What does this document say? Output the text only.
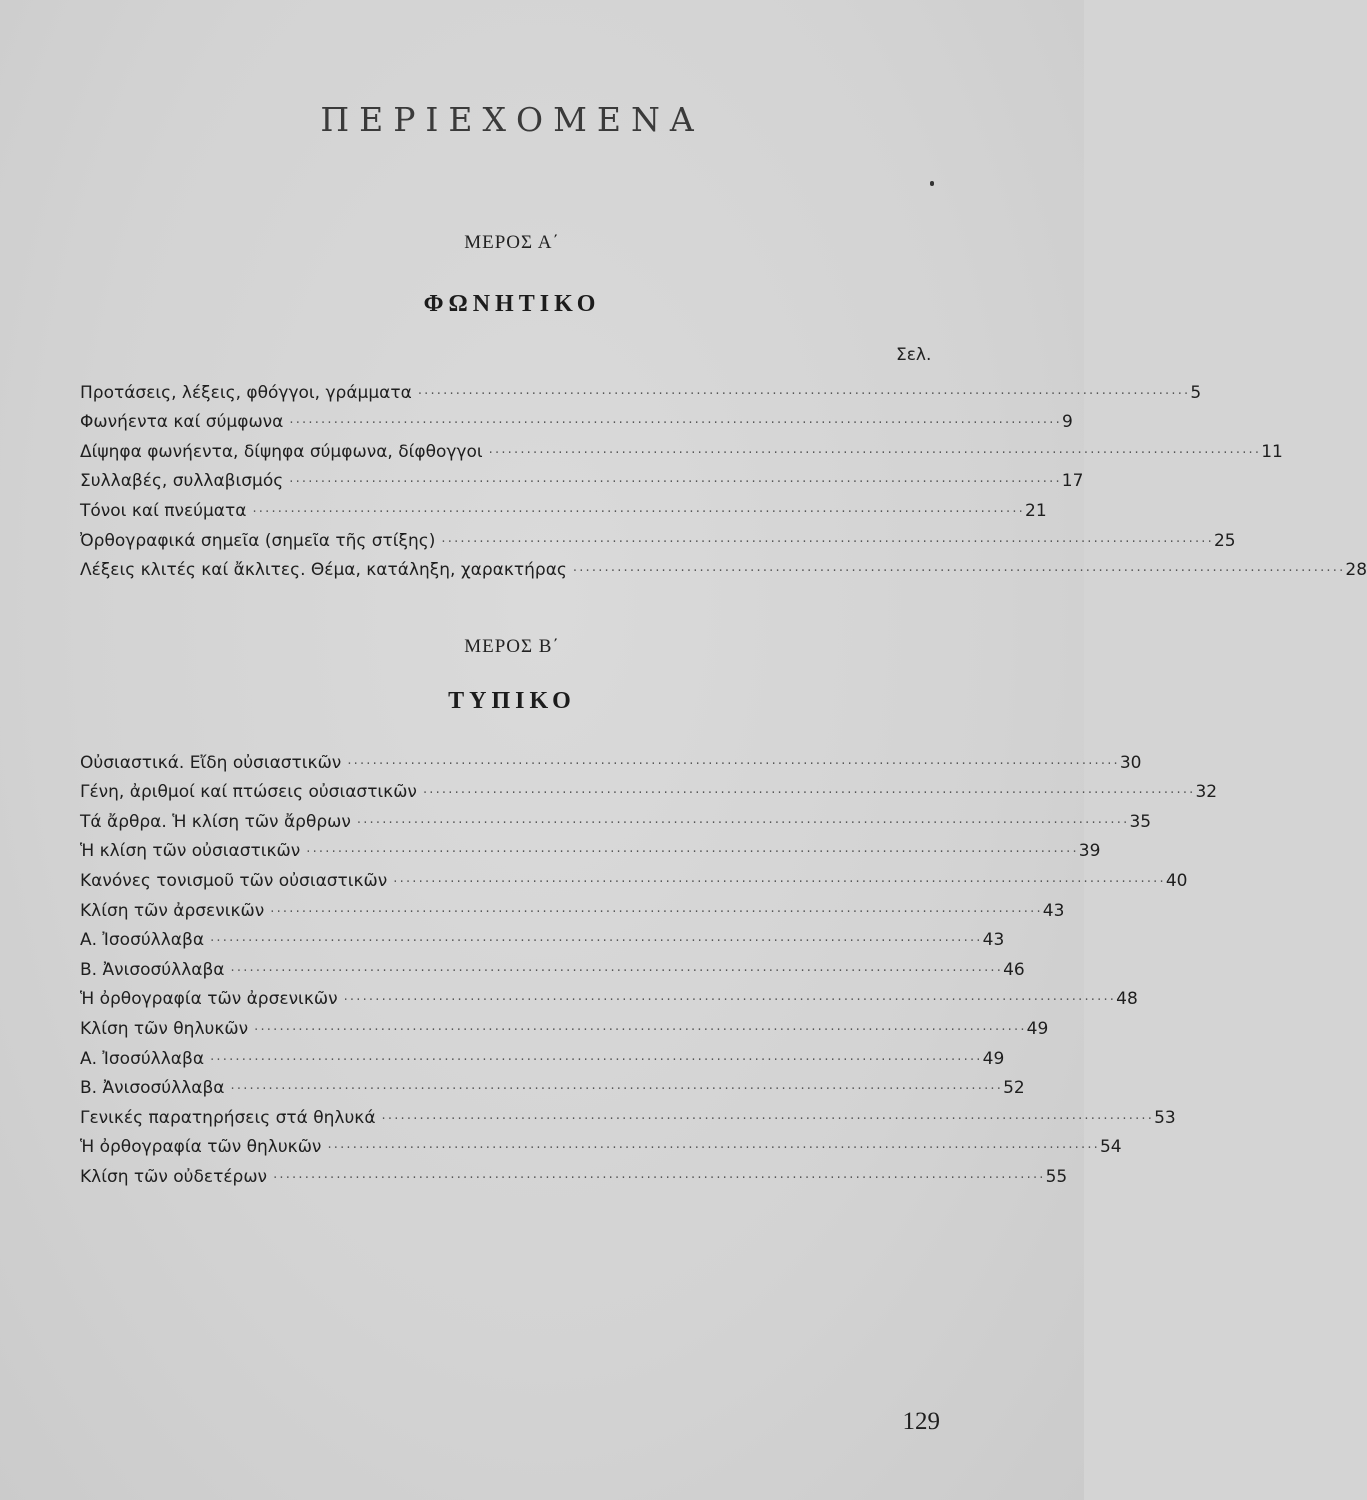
ΠΕΡΙΕΧΟΜΕΝΑ
ΜΕΡΟΣ Α΄
ΦΩΝΗΤΙΚΟ
Σελ.
Προτάσεις, λέξεις, φθόγγοι, γράμματα .......................................................................................................................... 5
Φωνήεντα καί σύμφωνα .......................................................................................................................... 9
Δίψηφα φωνήεντα, δίψηφα σύμφωνα, δίφθογγοι .......................................................................................................................... 11
Συλλαβές, συλλαβισμός .......................................................................................................................... 17
Τόνοι καί πνεύματα .......................................................................................................................... 21
Ὀρθογραφικά σημεῖα (σημεῖα τῆς στίξης) .......................................................................................................................... 25
Λέξεις κλιτές καί ἄκλιτες. Θέμα, κατάληξη, χαρακτήρας .......................................................................................................................... 28
ΜΕΡΟΣ Β΄
ΤΥΠΙΚΟ
Οὐσιαστικά. Εἴδη οὐσιαστικῶν .......................................................................................................................... 30
Γένη, ἀριθμοί καί πτώσεις οὐσιαστικῶν .......................................................................................................................... 32
Τά ἄρθρα. Ἡ κλίση τῶν ἄρθρων .......................................................................................................................... 35
Ἡ κλίση τῶν οὐσιαστικῶν .......................................................................................................................... 39
Κανόνες τονισμοῦ τῶν οὐσιαστικῶν .......................................................................................................................... 40
Κλίση τῶν ἀρσενικῶν .......................................................................................................................... 43
Α. Ἰσοσύλλαβα .......................................................................................................................... 43
Β. Ἀνισοσύλλαβα .......................................................................................................................... 46
Ἡ ὀρθογραφία τῶν ἀρσενικῶν .......................................................................................................................... 48
Κλίση τῶν θηλυκῶν .......................................................................................................................... 49
Α. Ἰσοσύλλαβα .......................................................................................................................... 49
Β. Ἀνισοσύλλαβα .......................................................................................................................... 52
Γενικές παρατηρήσεις στά θηλυκά .......................................................................................................................... 53
Ἡ ὀρθογραφία τῶν θηλυκῶν .......................................................................................................................... 54
Κλίση τῶν οὐδετέρων .......................................................................................................................... 55
129
